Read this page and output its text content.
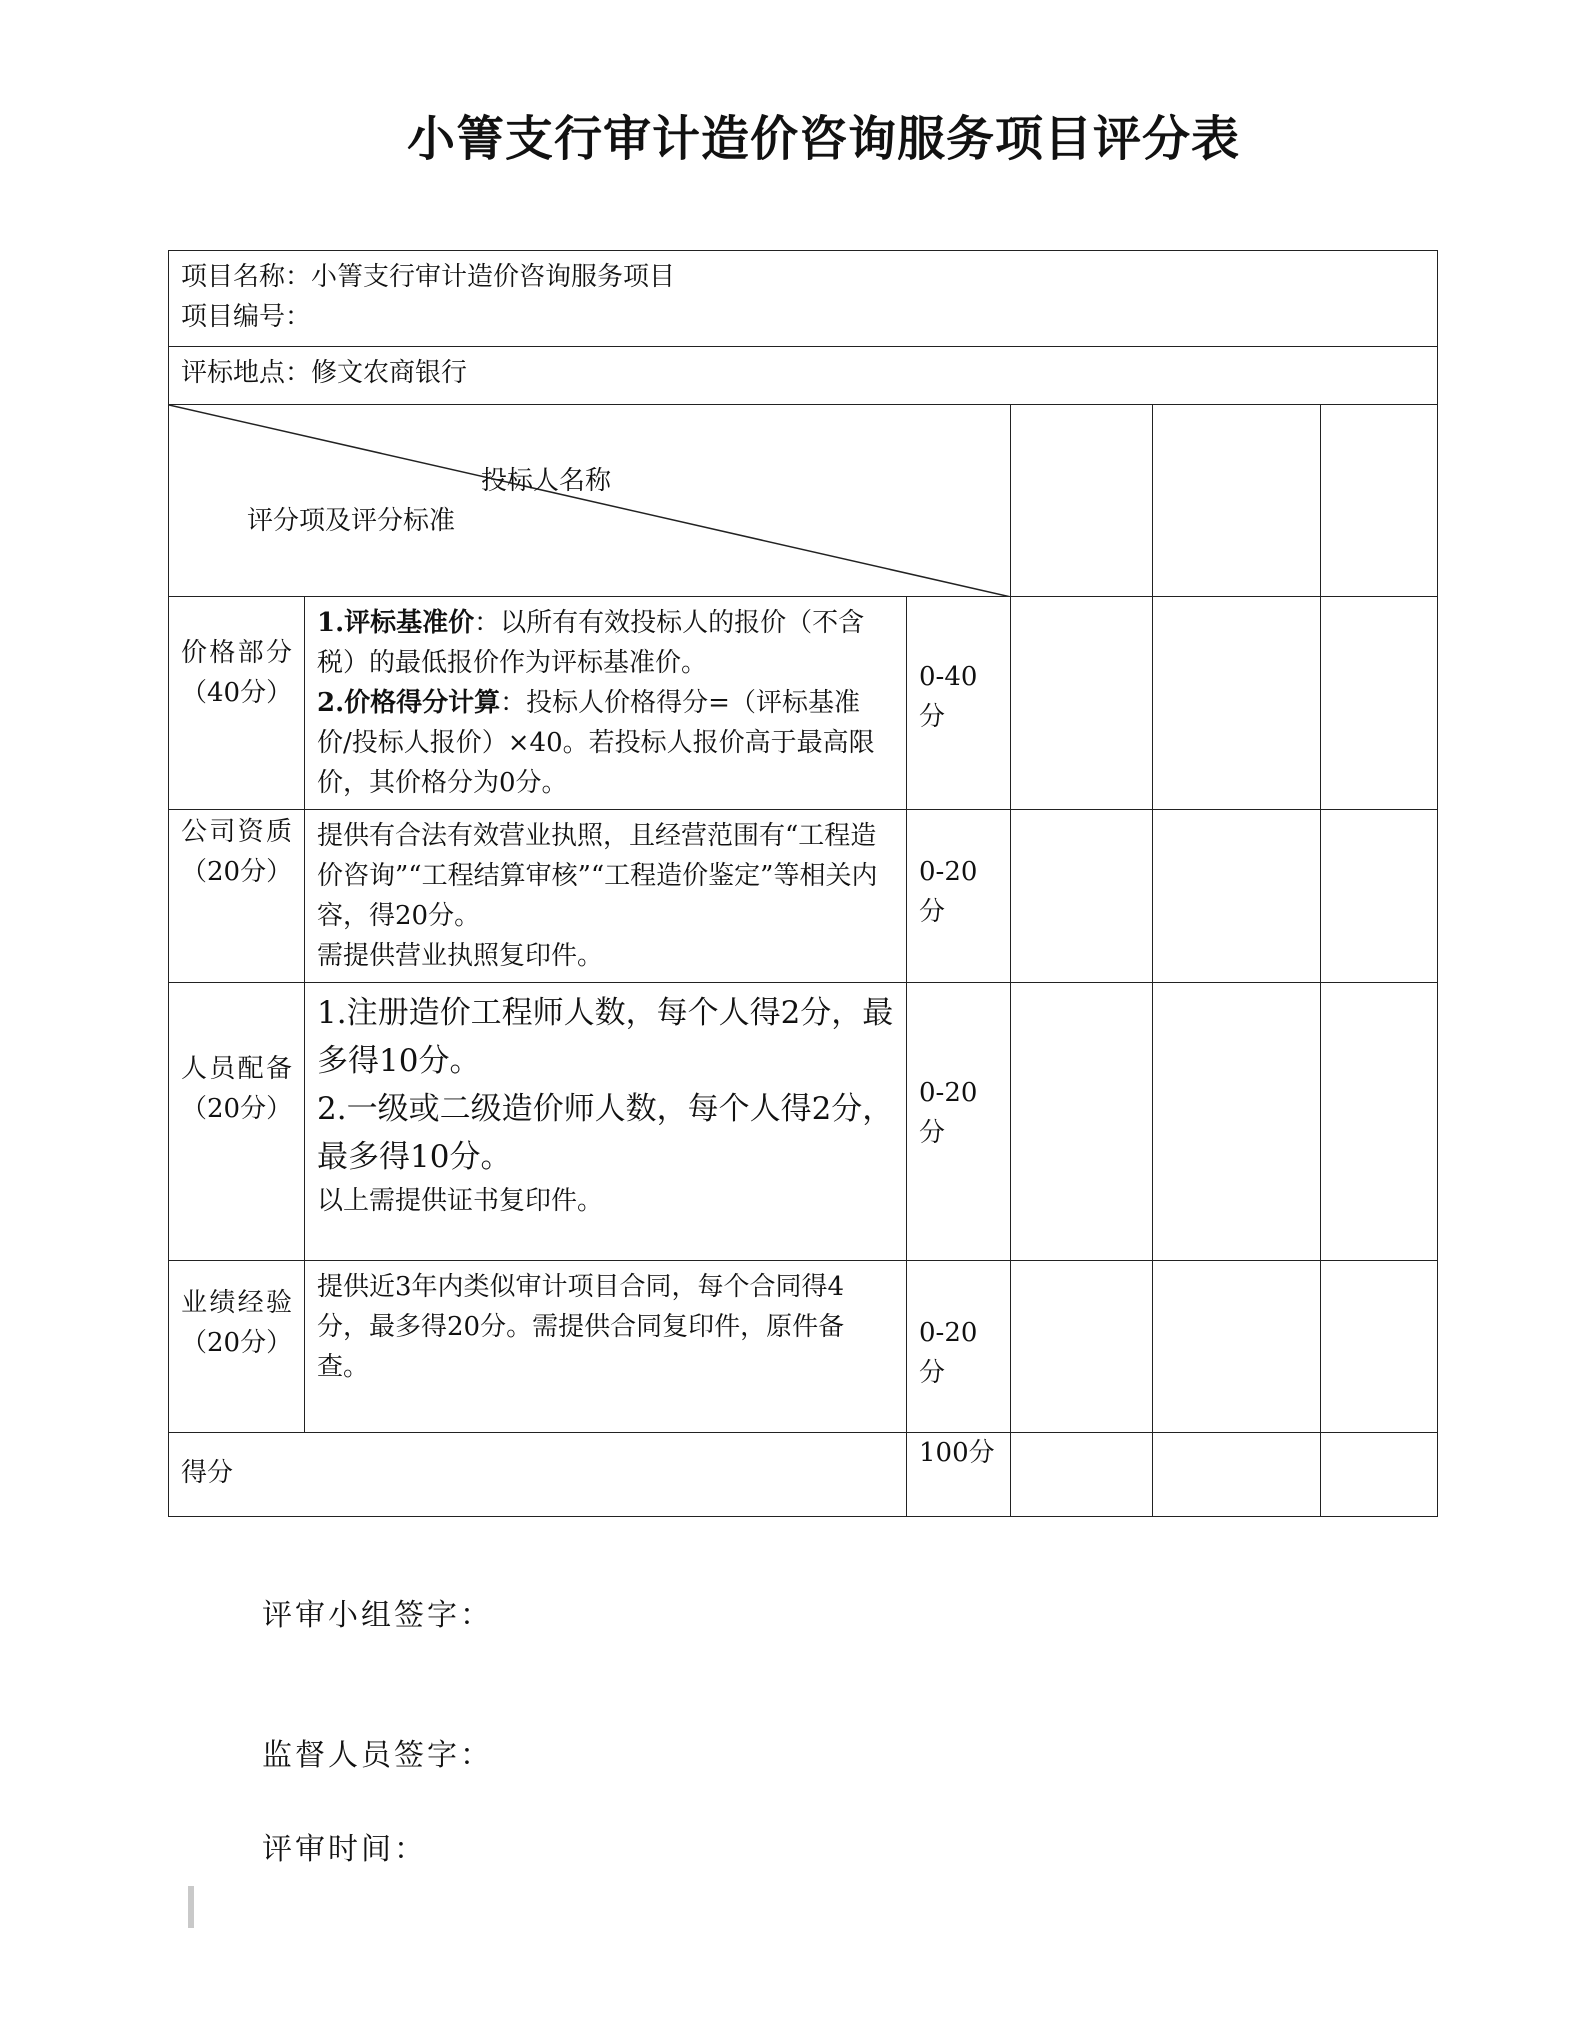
小箐支行审计造价咨询服务项目评分表
项目名称：小箐支行审计造价咨询服务项目
项目编号：					

评标地点：修文农商银行					

投标人名称
评分项及评分标准					

价格部分（40分）	1.评标基准价：以所有有效投标人的报价（不含税）的最低报价作为评标基准价。

2.价格得分计算：投标人价格得分=（评标基准价/投标人报价）×40。若投标人报价高于最高限价，其价格分为0分。	0-40分			
公司资质（20分）	提供有合法有效营业执照，且经营范围有“工程造价咨询”“工程结算审核”“工程造价鉴定”等相关内容，得20分。

需提供营业执照复印件。	0-20分			
人员配备（20分）	1.注册造价工程师人数，每个人得2分，最多得10分。

2.一级或二级造价师人数，每个人得2分，最多得10分。

以上需提供证书复印件。	0-20分			
业绩经验（20分）	提供近3年内类似审计项目合同，每个合同得4分，最多得20分。需提供合同复印件，原件备查。	0-20分			
得分		100分			
评审小组签字：
监督人员签字：
评审时间：
